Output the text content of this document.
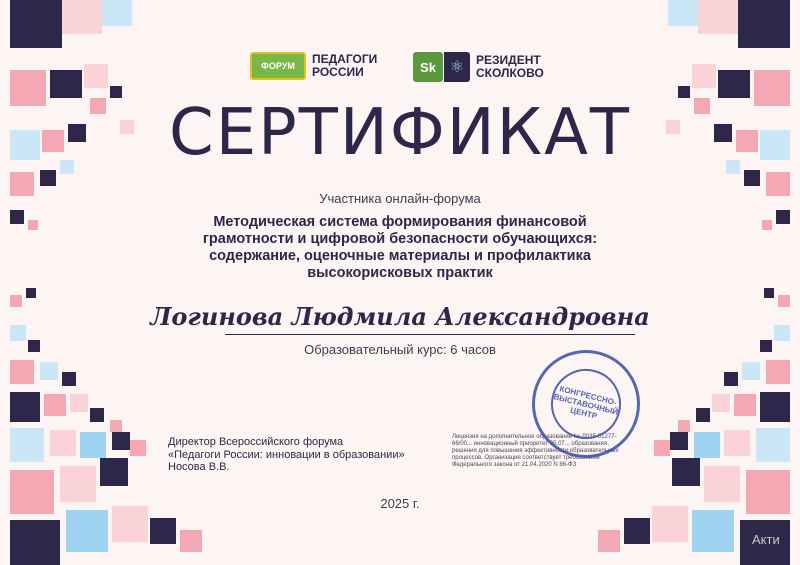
ФОРУМ	ПЕДАГОГИ РОССИИ	Sk ⚛ РЕЗИДЕНТ СКОЛКОВО
СЕРТИФИКАТ
Участника онлайн-форума
Методическая система формирования финансовой грамотности и цифровой безопасности обучающихся: содержание, оценочные материалы и профилактика высокорисковых практик
Логинова Людмила Александровна
Образовательный курс: 6 часов
Директор Всероссийского форума
«Педагоги России: инновации в образовании»
Носова В.В.
Лицензия на дополнительное образование № Л035-01277-66/00... инновационный приоритет 05.07... образования, решения для повышения эффективности образовательных процессов. Организация соответствует требованиям Федерального закона от 21.04.2020 N 86-ФЗ
КОНГРЕССНО-ВЫСТАВОЧНЫЙ ЦЕНТР
2025 г.
Акти
